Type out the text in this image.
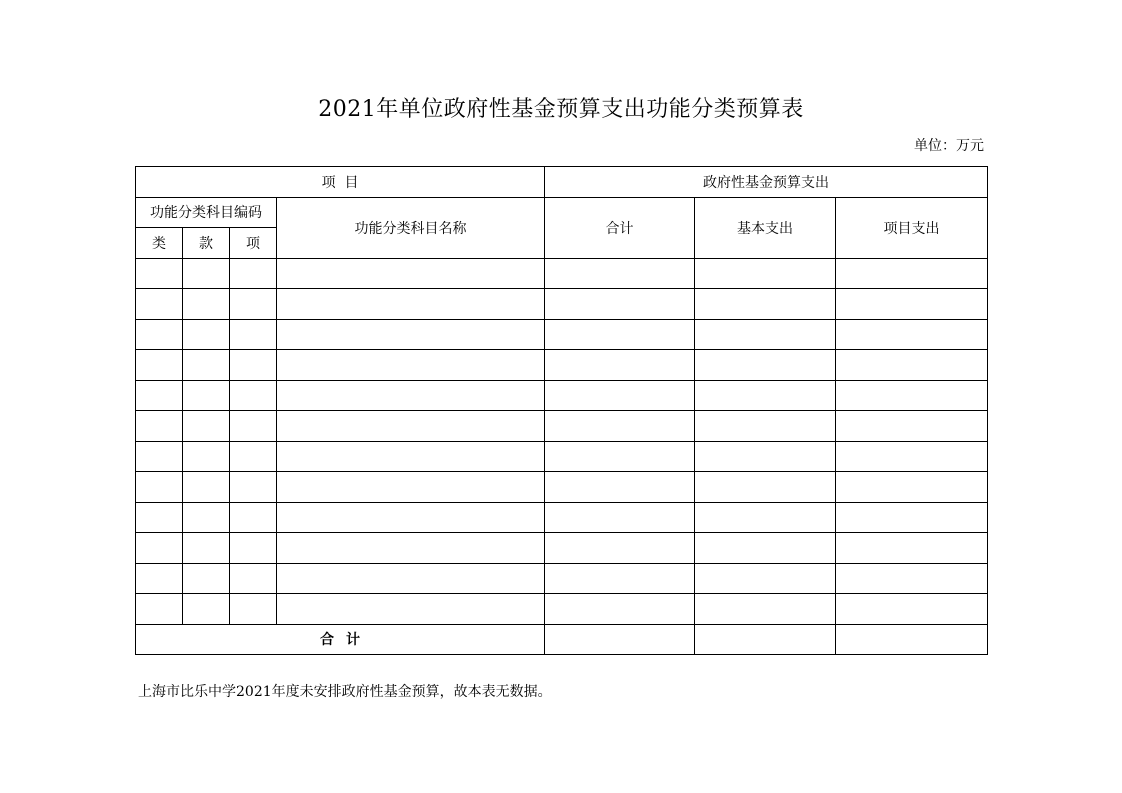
2021年单位政府性基金预算支出功能分类预算表
单位：万元
项  目				政府性基金预算支出		
功能分类科目编码			功能分类科目名称	合计	基本支出	项目支出
类	款	项				

合计						
上海市比乐中学2021年度未安排政府性基金预算，故本表无数据。
